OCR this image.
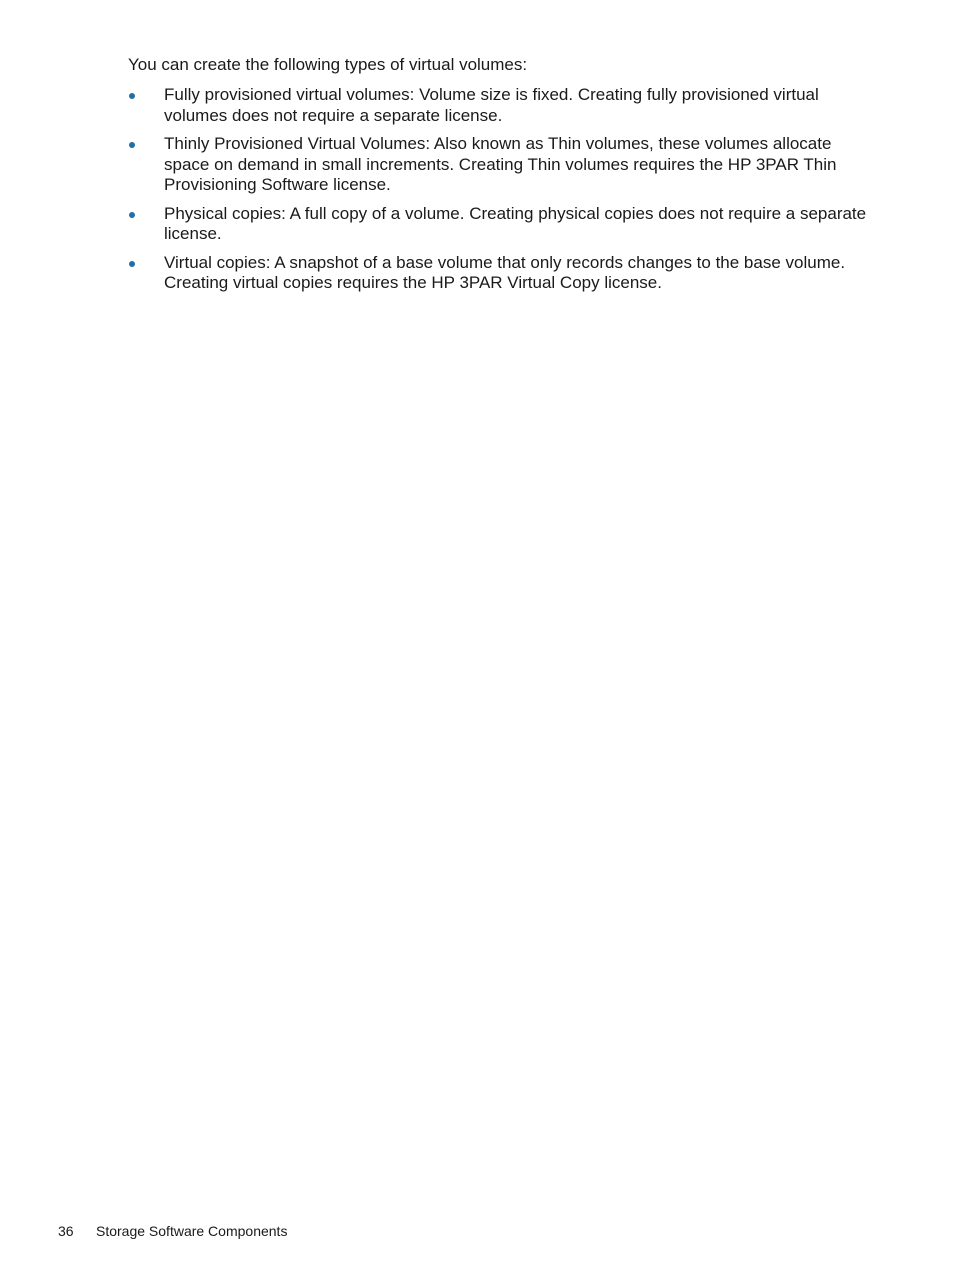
You can create the following types of virtual volumes:

Fully provisioned virtual volumes: Volume size is fixed. Creating fully provisioned virtual volumes does not require a separate license.
Thinly Provisioned Virtual Volumes: Also known as Thin volumes, these volumes allocate space on demand in small increments. Creating Thin volumes requires the HP 3PAR Thin Provisioning Software license.
Physical copies: A full copy of a volume. Creating physical copies does not require a separate license.
Virtual copies: A snapshot of a base volume that only records changes to the base volume. Creating virtual copies requires the HP 3PAR Virtual Copy license.
36 Storage Software Components
